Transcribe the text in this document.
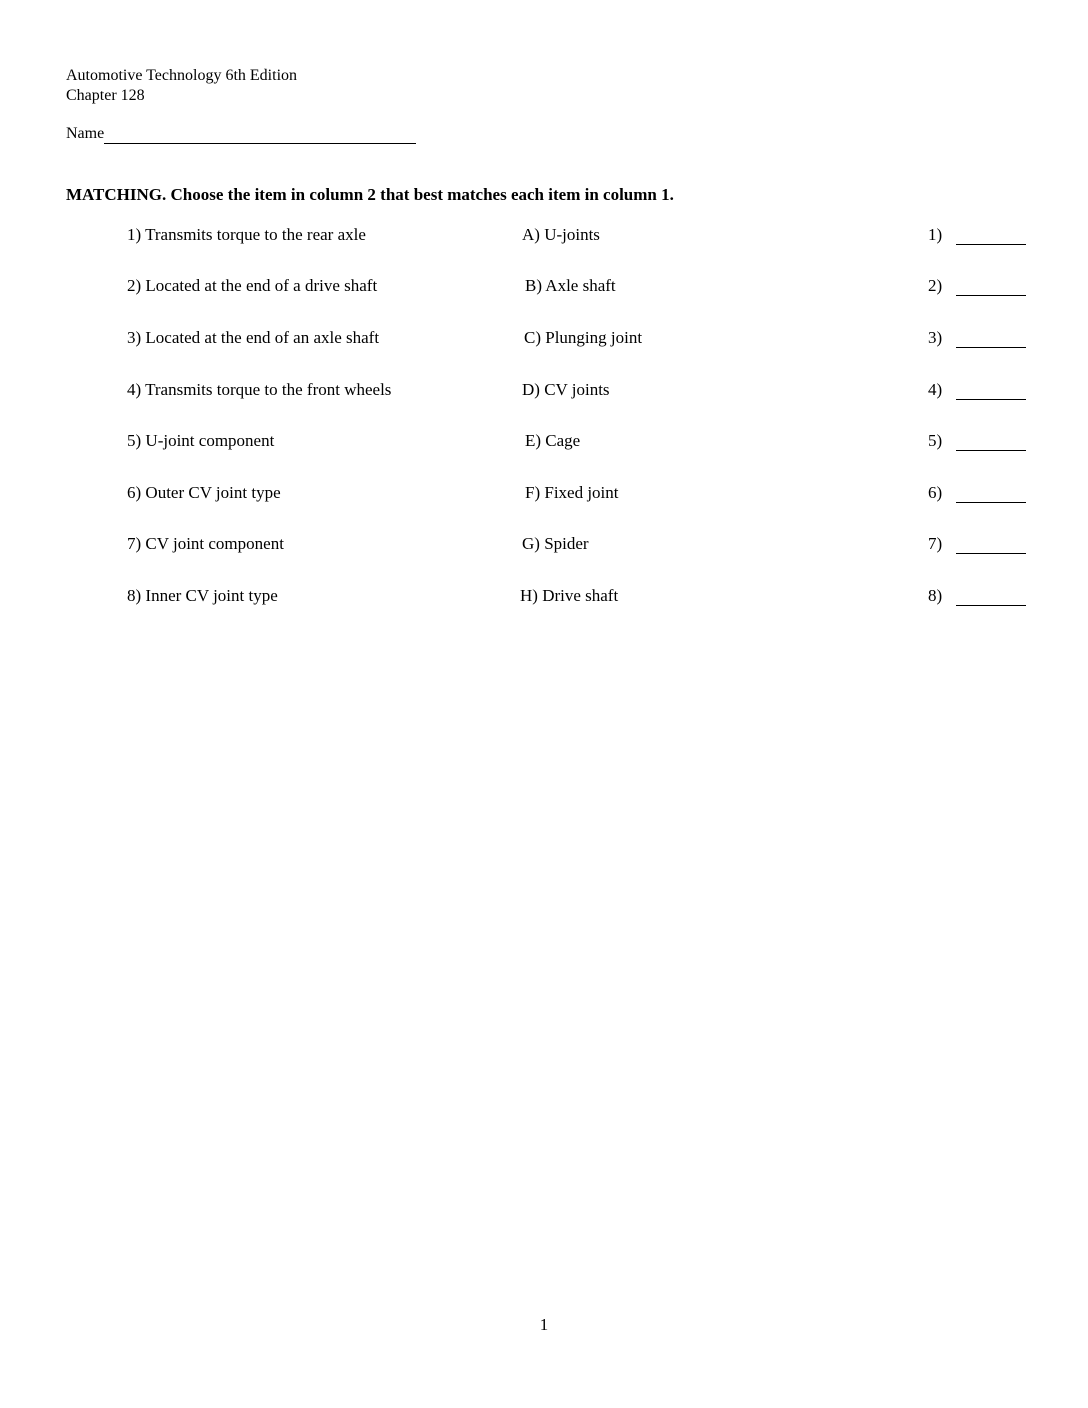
Automotive Technology 6th Edition
Chapter 128
Name
MATCHING. Choose the item in column 2 that best matches each item in column 1.
1) Transmits torque to the rear axle	A) U-joints	1)
2) Located at the end of a drive shaft	B) Axle shaft	2)
3) Located at the end of an axle shaft	C) Plunging joint	3)
4) Transmits torque to the front wheels	D) CV joints	4)
5) U-joint component	E) Cage	5)
6) Outer CV joint type	F) Fixed joint	6)
7) CV joint component	G) Spider	7)
8) Inner CV joint type	H) Drive shaft	8)
1
